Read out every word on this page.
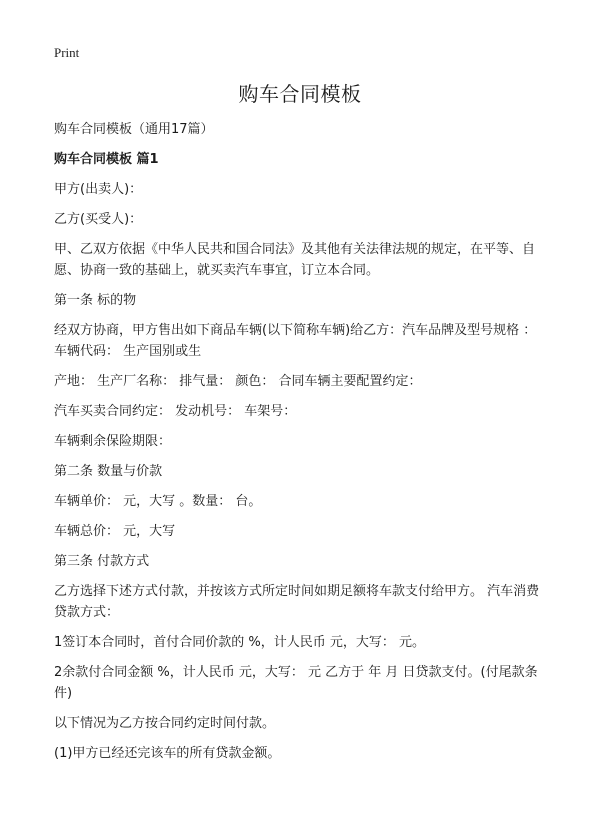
Print
购车合同模板

购车合同模板（通用17篇）

购车合同模板 篇1

甲方(出卖人)：

乙方(买受人)：

甲、乙双方依据《中华人民共和国合同法》及其他有关法律法规的规定，在平等、自愿、协商一致的基础上，就买卖汽车事宜，订立本合同。

第一条 标的物

经双方协商，甲方售出如下商品车辆(以下简称车辆)给乙方：汽车品牌及型号规格 ： 车辆代码： 生产国别或生

产地： 生产厂名称： 排气量： 颜色： 合同车辆主要配置约定：

汽车买卖合同约定： 发动机号： 车架号：

车辆剩余保险期限：

第二条 数量与价款

车辆单价： 元，大写 。数量： 台。

车辆总价： 元，大写

第三条 付款方式

乙方选择下述方式付款，并按该方式所定时间如期足额将车款支付给甲方。 汽车消费贷款方式：

1签订本合同时，首付合同价款的 %，计人民币 元，大写： 元。

2余款付合同金额 %，计人民币 元，大写： 元 乙方于 年 月 日贷款支付。(付尾款条件)

以下情况为乙方按合同约定时间付款。

(1)甲方已经还完该车的所有贷款金额。
